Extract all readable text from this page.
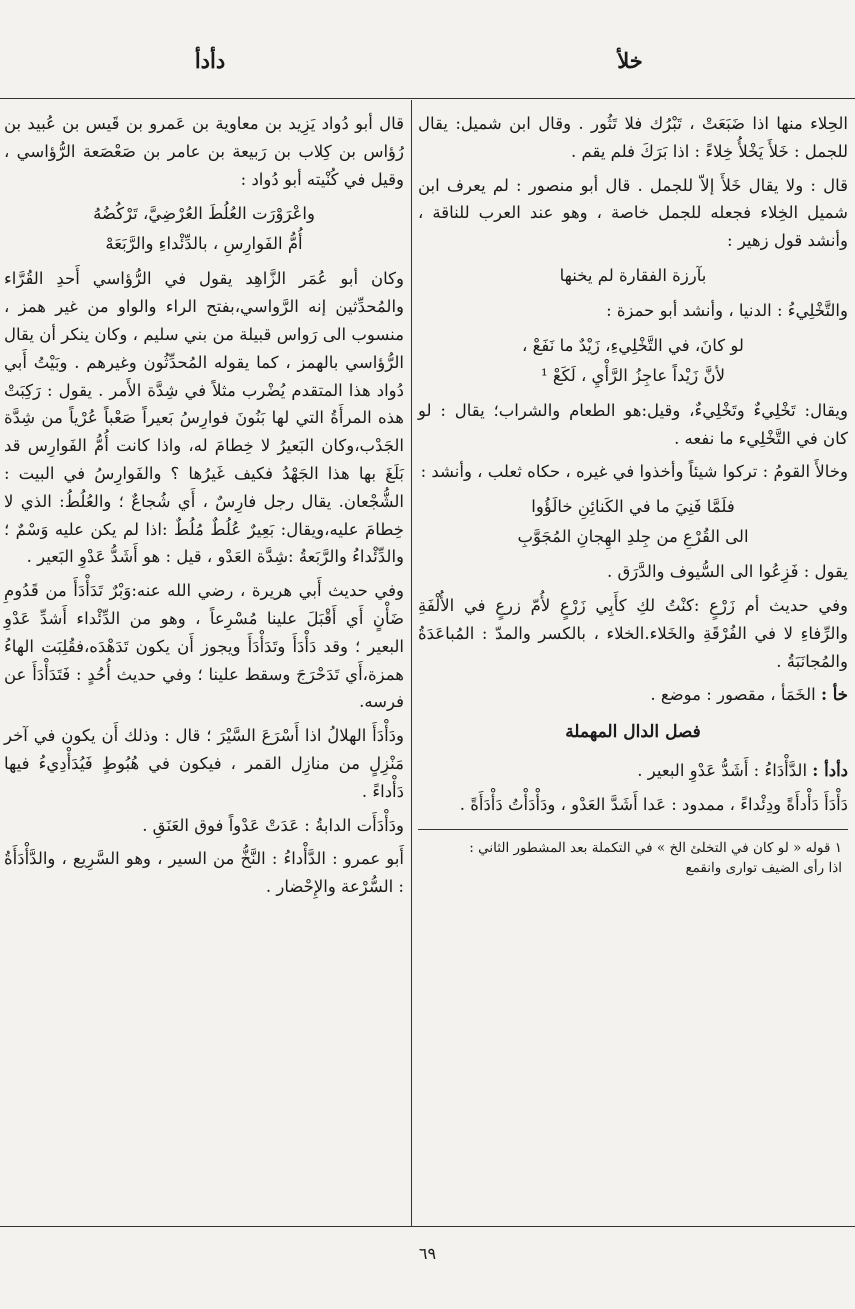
خلأ
دأدأ

الحِلاء منها اذا ضَبَعَتْ ، تَبْرُك فلا تَثُور . وقال ابن شميل: يقال للجمل : خَلأَ يَخْلأُ خِلاءً : اذا بَرَكَ فلم يقم .

قال : ولا يقال خَلأَ إلاّ للجمل . قال أبو منصور : لم يعرف ابن شميل الخِلاء فجعله للجمل خاصة ، وهو عند العرب للناقة ، وأنشد قول زهير :

بآرزة الفقارة لم يخنها

والتَّخْلِيءُ : الدنيا ، وأنشد أبو حمزة :

لو كانَ، في التَّخْلِيءِ، زَيْدٌ ما نَفَعْ ،
لأنَّ زَيْداً عاجِزُ الرَّأْيِ ، لَكَعْ ¹

ويقال: تَخْلِيءٌ وتَخْلِيءٌ، وقيل:هو الطعام والشراب؛ يقال : لو كان في التَّخْلِيء ما نفعه .

وخالأَ القومُ : تركوا شيئاً وأخذوا في غيره ، حكاه ثعلب ، وأنشد :

فلَمَّا فَنِيَ ما في الكَنائِنِ خالَؤُوا
الى القُرْعِ من جِلدِ الهِجانِ المُجَوَّبِ

يقول : فَزِعُوا الى السُّيوف والدَّرَق .

وفي حديث أم زَرْعٍ :كنْتُ لكِ كأَبِي زَرْعٍ لأُمّ زرعٍ في الأُلْفَةِ والرِّفاءِ لا في الفُرْقَةِ والخَلاء.الخلاء ، بالكسر والمدّ : المُباعَدَةُ والمُجانَبَةُ .

خأ : الخَمَأ ، مقصور : موضع .

فصل الدال المهملة

دأدأ : الدَّأْدَاءُ : أَشَدُّ عَدْوِ البعير .

دَأْدَأَ دَأْدأَةً ودِئْداءً ، ممدود : عَدا أَشَدَّ العَدْو ، ودَأْدَأْتُ دَأْدَأَةً .

١ قوله « لو كان في التخلئ الخ » في التكملة بعد المشطور الثاني :
اذا رأى الضيف توارى وانقمع

قال أبو دُواد يَزِيد بن معاوية بن عَمرو بن قَيس بن عُبيد بن رُؤاس بن كِلاب بن رَبيعة بن عامر بن صَعْصَعة الرُّؤاسي ، وقيل في كُنْيته أبو دُواد :

واعْرَوْرَت العُلُطَ العُرْضِيَّ، تَرْكُضُهُ
أُمُّ الفَوارِسِ ، بالدِّئْداءِ والرَّبَعَهْ

وكان أبو عُمَر الزَّاهِد يقول في الرُّؤاسي أَحدِ القُرَّاء والمُحدِّثين إنه الرَّواسي،بفتح الراء والواو من غير همز ، منسوب الى رَواس قبيلة من بني سليم ، وكان ينكر أن يقال الرُّؤاسي بالهمز ، كما يقوله المُحدِّثُون وغيرهم . وبَيْتُ أَبي دُواد هذا المتقدم يُضْرب مثلاً في شِدَّة الأَمر . يقول : رَكِبَتْ هذه المرأَةُ التي لها بَنُونَ فوارِسُ بَعيراً صَعْباً عُرْياً من شِدَّة الجَدْب،وكان البَعيرُ لا خِطامَ له، واذا كانت أُمُّ الفَوارِس قد بَلَغَ بها هذا الجَهْدُ فكيف غَيرُها ؟ والفَوارِسُ في البيت : الشُّجْعان. يقال رجل فارِسٌ ، أَي شُجاعٌ ؛ والعُلُطُ: الذي لا خِطامَ عليه،ويقال: بَعِيرٌ عُلُطٌ مُلُطٌ :اذا لم يكن عليه وَسْمٌ ؛ والدِّئْداءُ والرَّبَعةُ :شِدَّة العَدْو ، قيل : هو أَشَدُّ عَدْوِ البَعير .

وفي حديث أَبي هريرة ، رضي الله عنه:وَبْرٌ تَدَأْدَأَ من قَدُومِ ضَأْنٍ أَي أَقْبَلَ علينا مُسْرِعاً ، وهو من الدِّئْداء أَشدِّ عَدْوِ البعير ؛ وقد دَأْدَأَ وتَدَأْدَأَ ويجوز أَن يكون تَدَهْدَه،فقُلِبَت الهاءُ همزة،أَي تَدَحْرَجَ وسقط علينا ؛ وفي حديث أُحُدٍ : فَتَدَأْدَأَ عن فرسه.

ودَأْدَأَ الهلالُ اذا أَسْرَعَ السَّيْرَ ؛ قال : وذلك أَن يكون في آخر مَنْزِلٍ من منازِل القمر ، فيكون في هُبُوطٍ فَيُدَأْدِيءُ فيها دَأْداءً .

ودَأْدَأَت الدابةُ : عَدَتْ عَدْواً فوق العَنَقِ .

أَبو عمرو : الدَّأْداءُ : النَّخُّ من السير ، وهو السَّرِيع ، والدَّأْدَأَةُ : السُّرْعة والإِحْضار .

٦٩
